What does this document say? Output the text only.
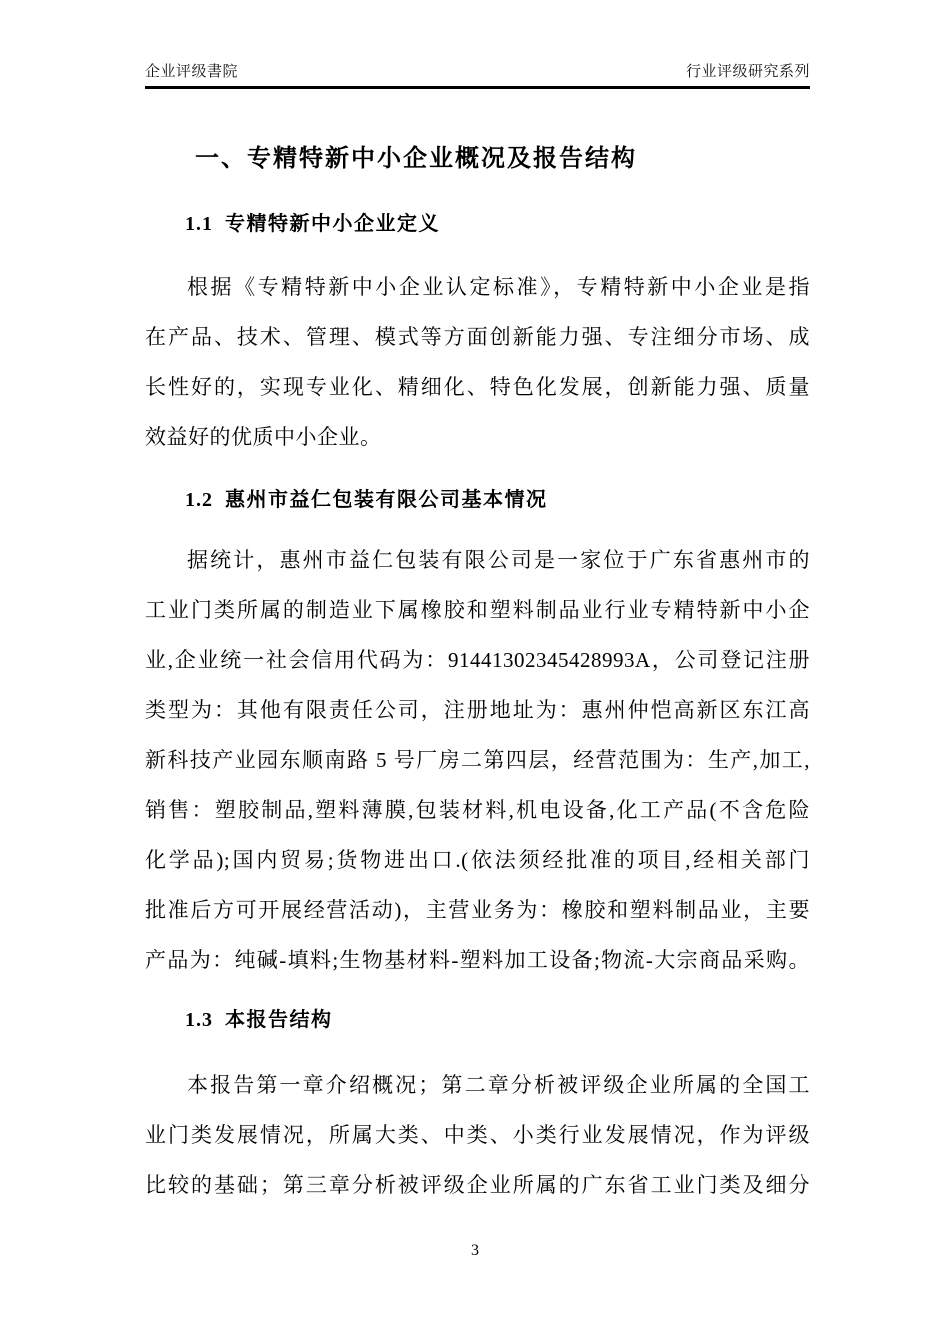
企业评级書院	行业评级研究系列
一、专精特新中小企业概况及报告结构
1.1 专精特新中小企业定义
根据《专精特新中小企业认定标准》，专精特新中小企业是指
在产品、技术、管理、模式等方面创新能力强、专注细分市场、成
长性好的，实现专业化、精细化、特色化发展，创新能力强、质量
效益好的优质中小企业。
1.2 惠州市益仁包装有限公司基本情况
据统计，惠州市益仁包装有限公司是一家位于广东省惠州市的
工业门类所属的制造业下属橡胶和塑料制品业行业专精特新中小企
业,企业统一社会信用代码为：91441302345428993A，公司登记注册
类型为：其他有限责任公司，注册地址为：惠州仲恺高新区东江高
新科技产业园东顺南路 5 号厂房二第四层，经营范围为：生产,加工,
销售：塑胶制品,塑料薄膜,包装材料,机电设备,化工产品(不含危险
化学品);国内贸易;货物进出口.(依法须经批准的项目,经相关部门
批准后方可开展经营活动)，主营业务为：橡胶和塑料制品业，主要
产品为：纯碱-填料;生物基材料-塑料加工设备;物流-大宗商品采购。
1.3 本报告结构
本报告第一章介绍概况；第二章分析被评级企业所属的全国工
业门类发展情况，所属大类、中类、小类行业发展情况，作为评级
比较的基础；第三章分析被评级企业所属的广东省工业门类及细分
3
